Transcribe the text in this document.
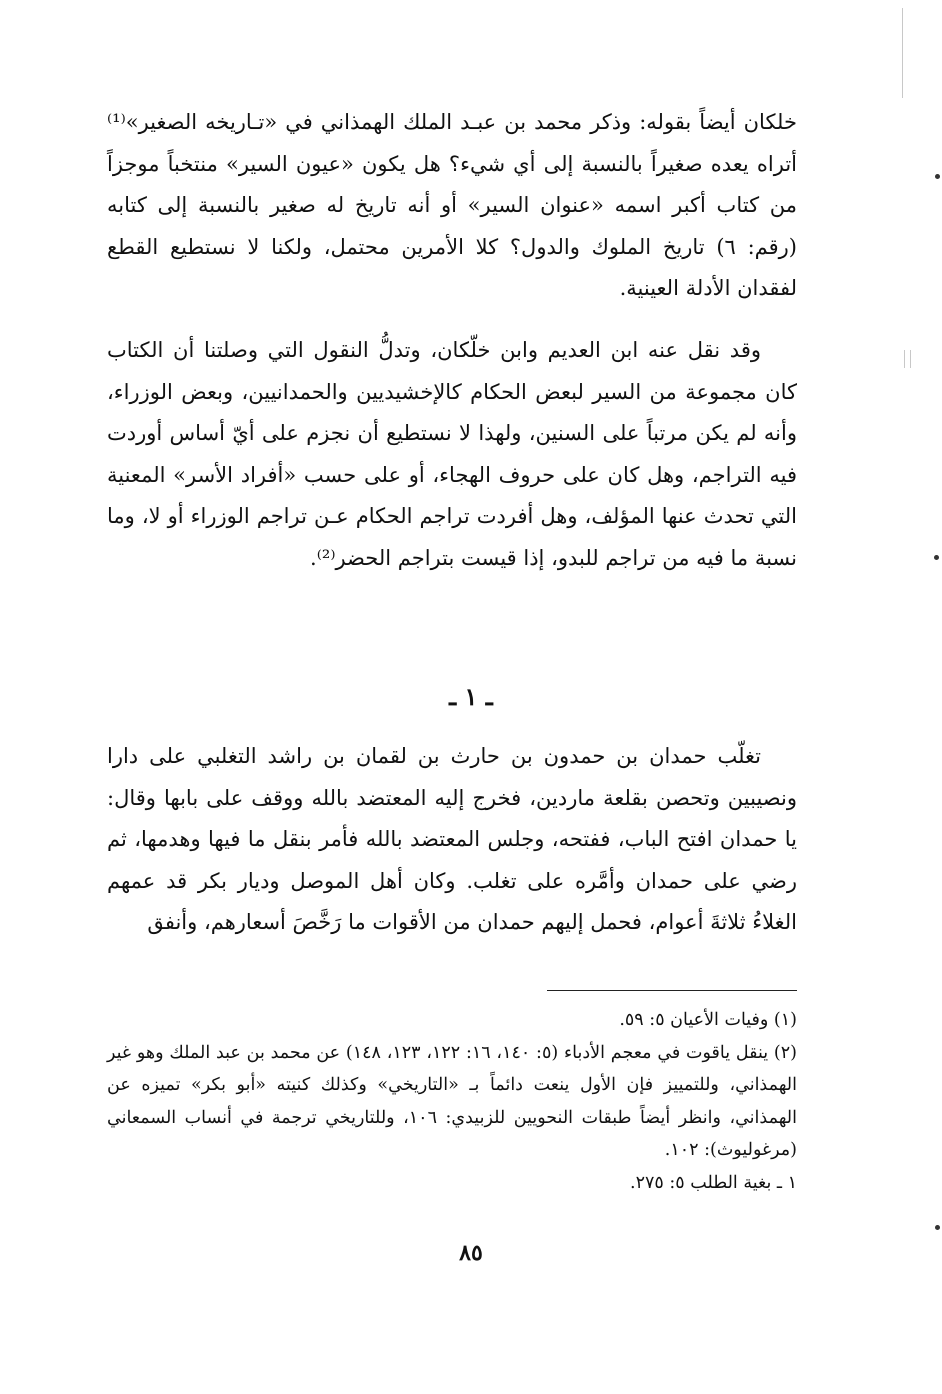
خلكان أيضاً بقوله: وذكر محمد بن عبـد الملك الهمذاني في «تـاريخه الصغير»⁽¹⁾ أتراه يعده صغيراً بالنسبة إلى أي شيء؟ هل يكون «عيون السير» منتخباً موجزاً من كتاب أكبر اسمه «عنوان السير» أو أنه تاريخ له صغير بالنسبة إلى كتابه (رقم: ٦) تاريخ الملوك والدول؟ كلا الأمرين محتمل، ولكنا لا نستطيع القطع لفقدان الأدلة العينية.

وقد نقل عنه ابن العديم وابن خلّكان، وتدلُّ النقول التي وصلتنا أن الكتاب كان مجموعة من السير لبعض الحكام كالإخشيديين والحمدانيين، وبعض الوزراء، وأنه لم يكن مرتباً على السنين، ولهذا لا نستطيع أن نجزم على أيّ أساس أوردت فيه التراجم، وهل كان على حروف الهجاء، أو على حسب «أفراد الأسر» المعنية التي تحدث عنها المؤلف، وهل أفردت تراجم الحكام عـن تراجم الوزراء أو لا، وما نسبة ما فيه من تراجم للبدو، إذا قيست بتراجم الحضر⁽²⁾.

ـ ١ ـ

تغلّب حمدان بن حمدون بن حارث بن لقمان بن راشد التغلبي على دارا ونصيبين وتحصن بقلعة ماردين، فخرج إليه المعتضد بالله ووقف على بابها وقال: يا حمدان افتح الباب، ففتحه، وجلس المعتضد بالله فأمر بنقل ما فيها وهدمها، ثم رضي على حمدان وأمَّره على تغلب. وكان أهل الموصل وديار بكر قد عمهم الغلاءُ ثلاثةَ أعوام، فحمل إليهم حمدان من الأقوات ما رَخَّصَ أسعارهم، وأنفق

(١) وفيات الأعيان ٥: ٥٩.

(٢) ينقل ياقوت في معجم الأدباء (٥: ١٤٠، ١٦: ١٢٢، ١٢٣، ١٤٨) عن محمد بن عبد الملك وهو غير الهمذاني، وللتمييز فإن الأول ينعت دائماً بـ «التاريخي» وكذلك كنيته «أبو بكر» تميزه عن الهمذاني، وانظر أيضاً طبقات النحويين للزبيدي: ١٠٦، وللتاريخي ترجمة في أنساب السمعاني (مرغوليوث): ١٠٢.

١ ـ بغية الطلب ٥: ٢٧٥.

٨٥
